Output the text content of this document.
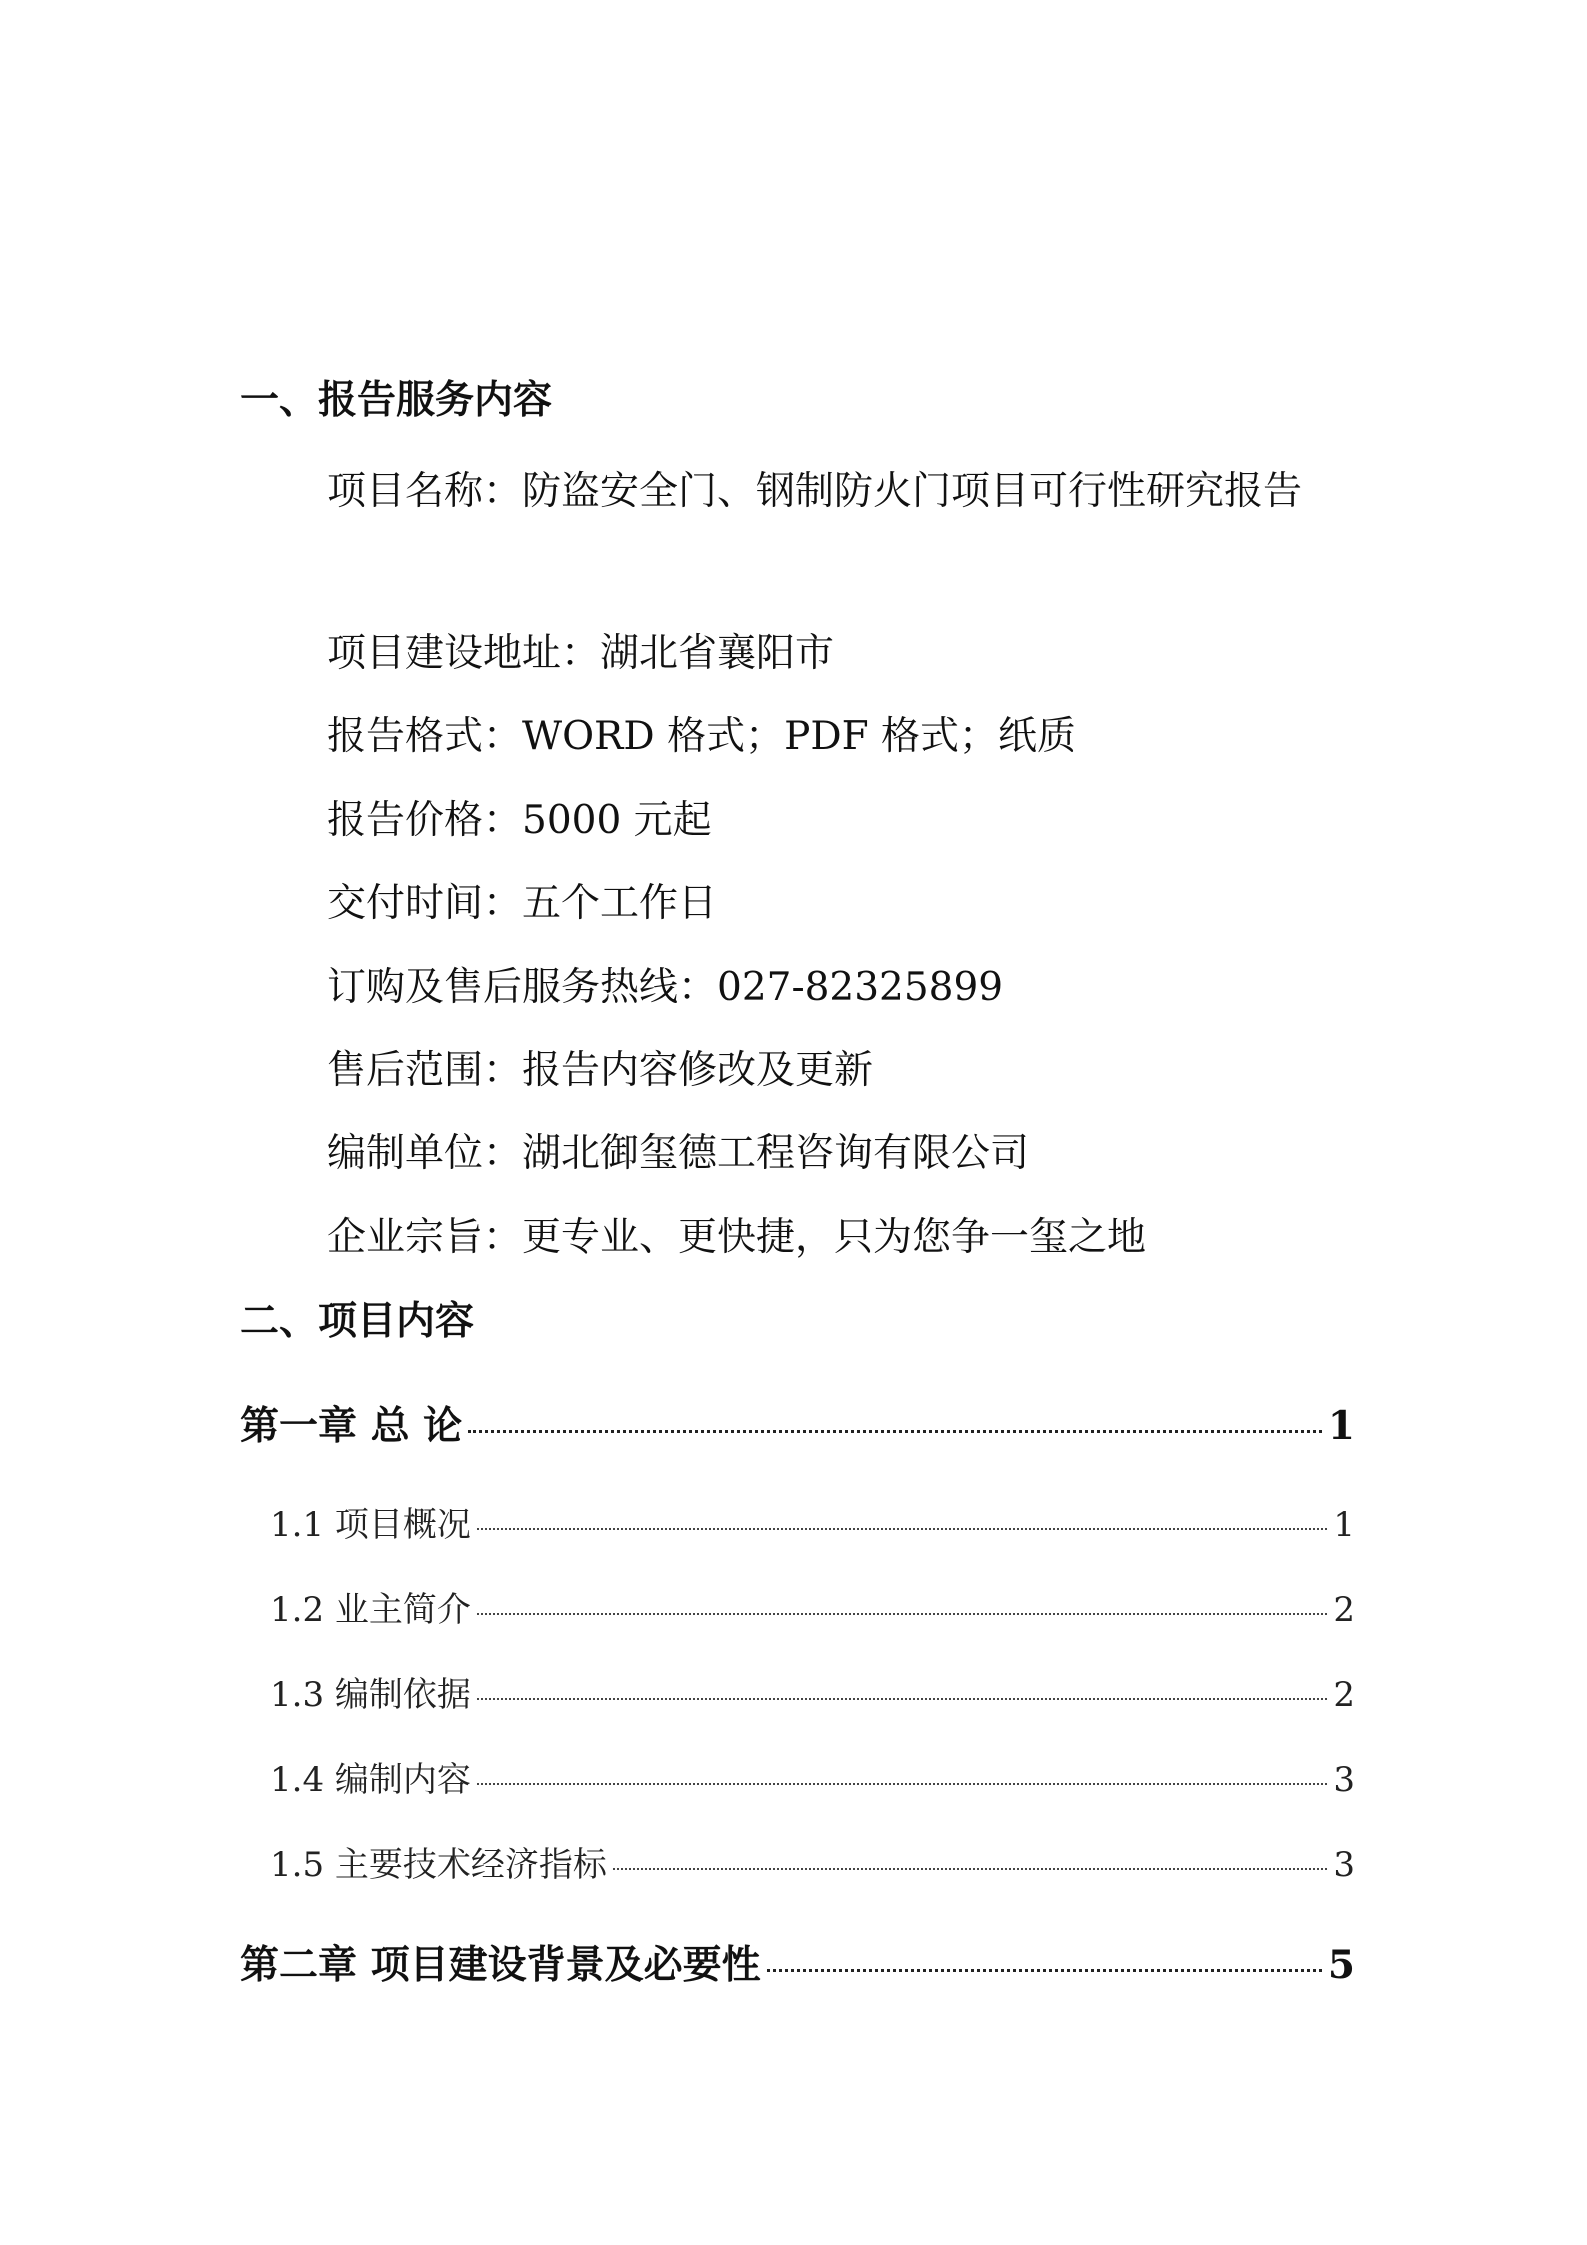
一、报告服务内容
项目名称：防盗安全门、钢制防火门项目可行性研究报告
项目建设地址：湖北省襄阳市
报告格式：WORD 格式；PDF 格式；纸质
报告价格：5000 元起
交付时间：五个工作日
订购及售后服务热线：027-82325899
售后范围：报告内容修改及更新
编制单位：湖北御玺德工程咨询有限公司
企业宗旨：更专业、更快捷，只为您争一玺之地
二、项目内容
第一章 总 论	1
1.1 项目概况	1
1.2 业主简介	2
1.3 编制依据	2
1.4 编制内容	3
1.5 主要技术经济指标	3
第二章 项目建设背景及必要性	5
